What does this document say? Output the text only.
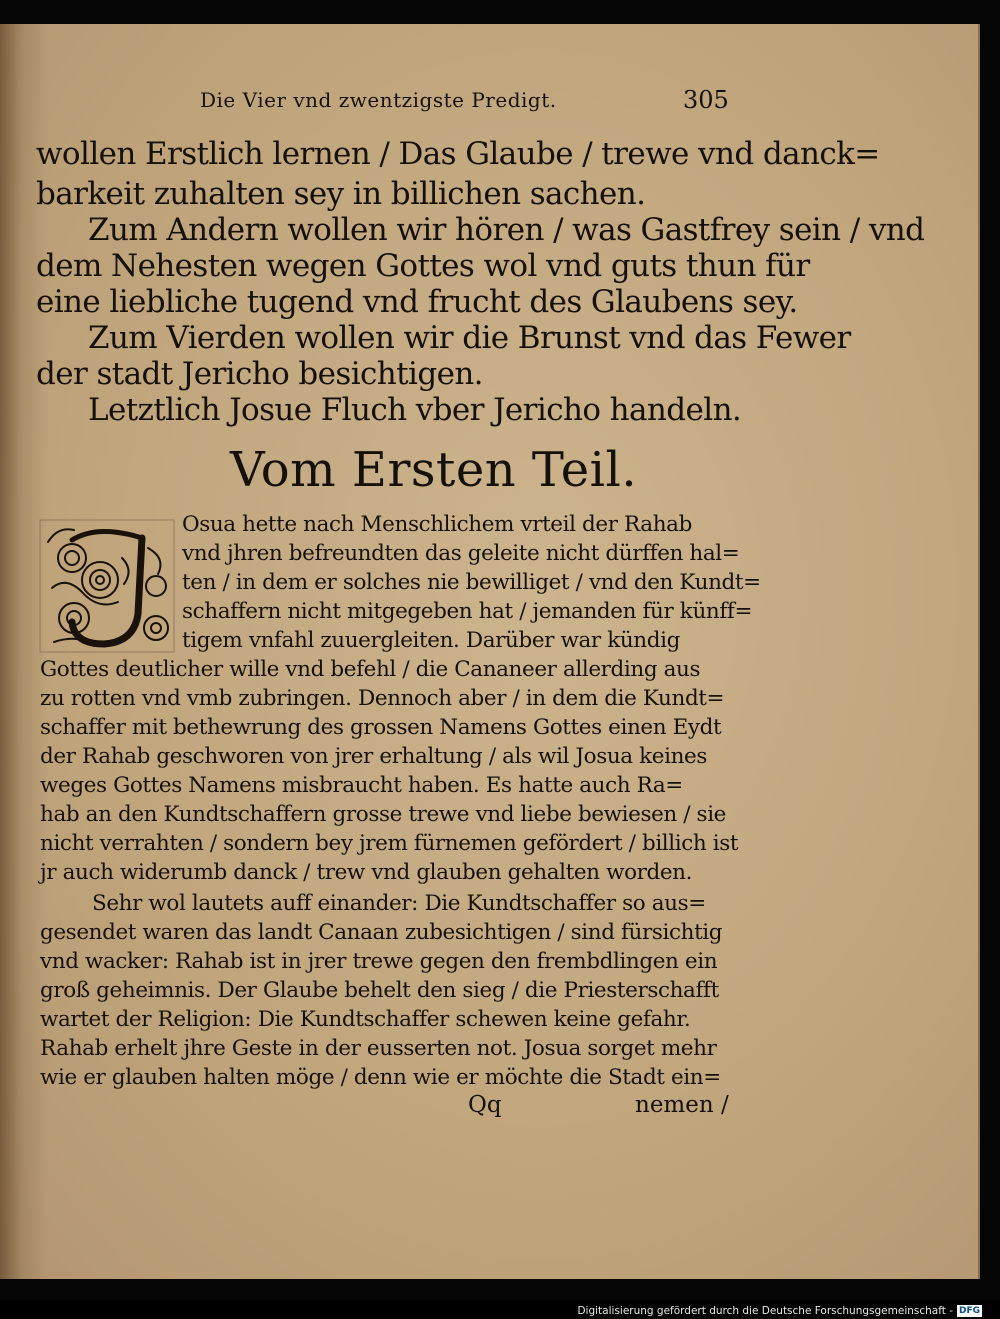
Die Vier vnd zwentzigste Predigt.	305
wollen Erstlich lernen / Das Glaube / trewe vnd danck=
barkeit zuhalten sey in billichen sachen.
Zum Andern wollen wir hören / was Gastfrey sein / vnd
dem Nehesten wegen Gottes wol vnd guts thun für
eine liebliche tugend vnd frucht des Glaubens sey.
Zum Vierden wollen wir die Brunst vnd das Fewer
der stadt Jericho besichtigen.
Letztlich Josue Fluch vber Jericho handeln.
Vom Ersten Teil.
Osua hette nach Menschlichem vrteil der Rahab
vnd jhren befreundten das geleite nicht dürffen hal=
ten / in dem er solches nie bewilliget / vnd den Kundt=
schaffern nicht mitgegeben hat / jemanden für künff=
tigem vnfahl zuuergleiten. Darüber war kündig
Gottes deutlicher wille vnd befehl / die Cananeer allerding aus
zu rotten vnd vmb zubringen. Dennoch aber / in dem die Kundt=
schaffer mit bethewrung des grossen Namens Gottes einen Eydt
der Rahab geschworen von jrer erhaltung / als wil Josua keines
weges Gottes Namens misbraucht haben. Es hatte auch Ra=
hab an den Kundtschaffern grosse trewe vnd liebe bewiesen / sie
nicht verrahten / sondern bey jrem fürnemen gefördert / billich ist
jr auch widerumb danck / trew vnd glauben gehalten worden.
Sehr wol lautets auff einander: Die Kundtschaffer so aus=
gesendet waren das landt Canaan zubesichtigen / sind fürsichtig
vnd wacker: Rahab ist in jrer trewe gegen den frembdlingen ein
groß geheimnis. Der Glaube behelt den sieg / die Priesterschafft
wartet der Religion: Die Kundtschaffer schewen keine gefahr.
Rahab erhelt jhre Geste in der eusserten not. Josua sorget mehr
wie er glauben halten möge / denn wie er möchte die Stadt ein=
Qq	nemen /
Digitalisierung gefördert durch die Deutsche Forschungsgemeinschaft - DFG
